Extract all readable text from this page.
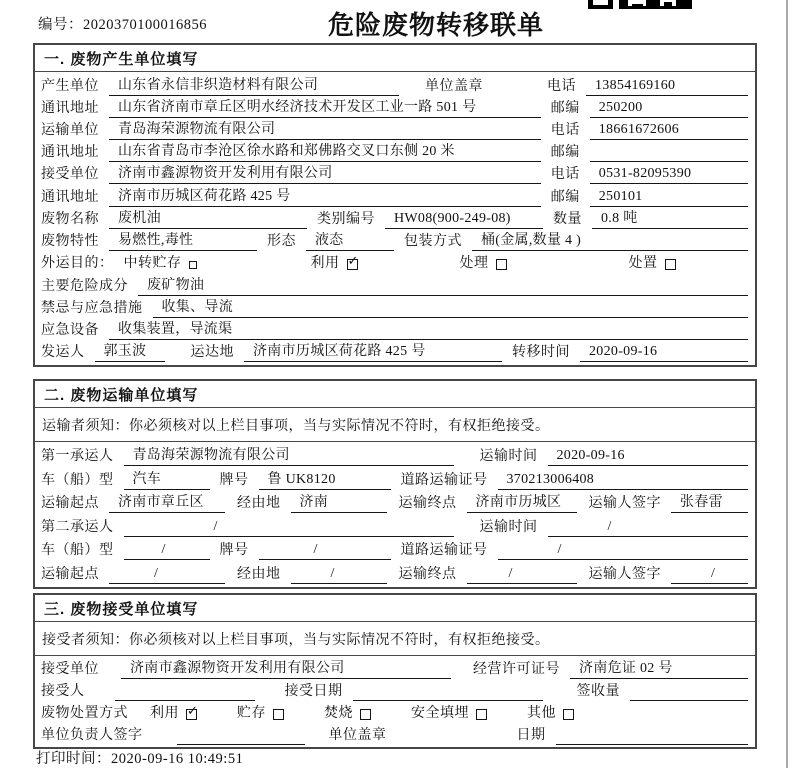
编号：2020370100016856	危险废物转移联单
一. 废物产生单位填写
产生单位	山东省永信非织造材料有限公司	单位盖章	电话	13854169160
通讯地址	山东省济南市章丘区明水经济技术开发区工业一路 501 号	邮编	250200
运输单位	青岛海荣源物流有限公司	电话	18661672606
通讯地址	山东省青岛市李沧区徐水路和郑佛路交叉口东侧 20 米	邮编
接受单位	济南市鑫源物资开发利用有限公司	电话	0531-82095390
通讯地址	济南市历城区荷花路 425 号	邮编	250101
废物名称	废机油	类别编号	HW08(900-249-08)	数量	0.8 吨
废物特性	易燃性,毒性	形态	液态	包装方式	桶(金属,数量 4 )
外运目的： 中转贮存	利用 ✓	处理	处置
主要危险成分	废矿物油
禁忌与应急措施	收集、导流
应急设备	收集装置，导流渠
发运人	郭玉波	运达地	济南市历城区荷花路 425 号	转移时间	2020-09-16
二. 废物运输单位填写
运输者须知：你必须核对以上栏目事项，当与实际情况不符时，有权拒绝接受。
第一承运人	青岛海荣源物流有限公司	运输时间	2020-09-16
车（船）型	汽车	牌号	鲁 UK8120	道路运输证号	370213006408
运输起点	济南市章丘区	经由地	济南	运输终点	济南市历城区	运输人签字	张春雷
第二承运人	/	运输时间	/
车（船）型	/	牌号	/	道路运输证号	/
运输起点	/	经由地	/	运输终点	/	运输人签字	/
三. 废物接受单位填写
接受者须知：你必须核对以上栏目事项，当与实际情况不符时，有权拒绝接受。
接受单位	济南市鑫源物资开发利用有限公司	经营许可证号	济南危证 02 号
接受人	接受日期	签收量
废物处置方式 利用 ✓	贮存	焚烧	安全填埋	其他
单位负责人签字	单位盖章	日期
打印时间：2020-09-16 10:49:51
